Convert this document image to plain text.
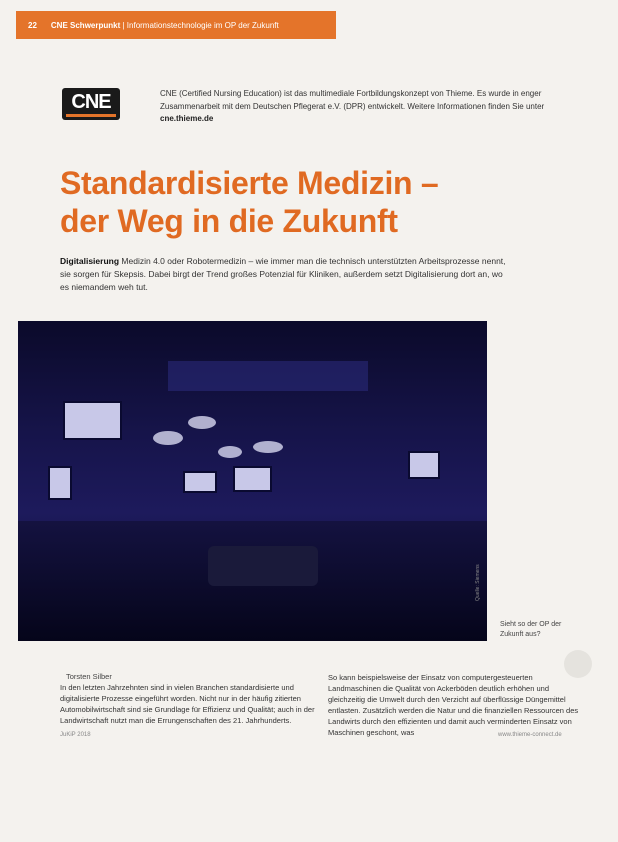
22 CNE Schwerpunkt | Informationstechnologie im OP der Zukunft
CNE	CNE (Certified Nursing Education) ist das multimediale Fortbildungskonzept von Thieme. Es wurde in enger Zusammenarbeit mit dem Deutschen Pflegerat e.V. (DPR) entwickelt. Weitere Informationen finden Sie unter cne.thieme.de
Standardisierte Medizin –
der Weg in die Zukunft
Digitalisierung Medizin 4.0 oder Robotermedizin – wie immer man die technisch unterstützten Arbeitsprozesse nennt, sie sorgen für Skepsis. Dabei birgt der Trend großes Potenzial für Kliniken, außerdem setzt Digitalisierung dort an, wo es niemandem weh tut.
Quelle: Siemens
Sieht so der OP der Zukunft aus?
Torsten Silber
In den letzten Jahrzehnten sind in vielen Branchen standardisierte und digitalisierte Prozesse eingeführt worden. Nicht nur in der häufig zitierten Automobilwirtschaft sind sie Grundlage für Effizienz und Qualität; auch in der Landwirtschaft nutzt man die Errungenschaften des 21. Jahrhunderts.
So kann beispielsweise der Einsatz von computergesteuerten Landmaschinen die Qualität von Ackerböden deutlich erhöhen und gleichzeitig die Umwelt durch den Verzicht auf überflüssige Düngemittel entlasten. Zusätzlich werden die Natur und die finanziellen Ressourcen des Landwirts durch den effizienten und damit auch verminderten Einsatz von Maschinen geschont, was
JuKiP 2018	www.thieme-connect.de
